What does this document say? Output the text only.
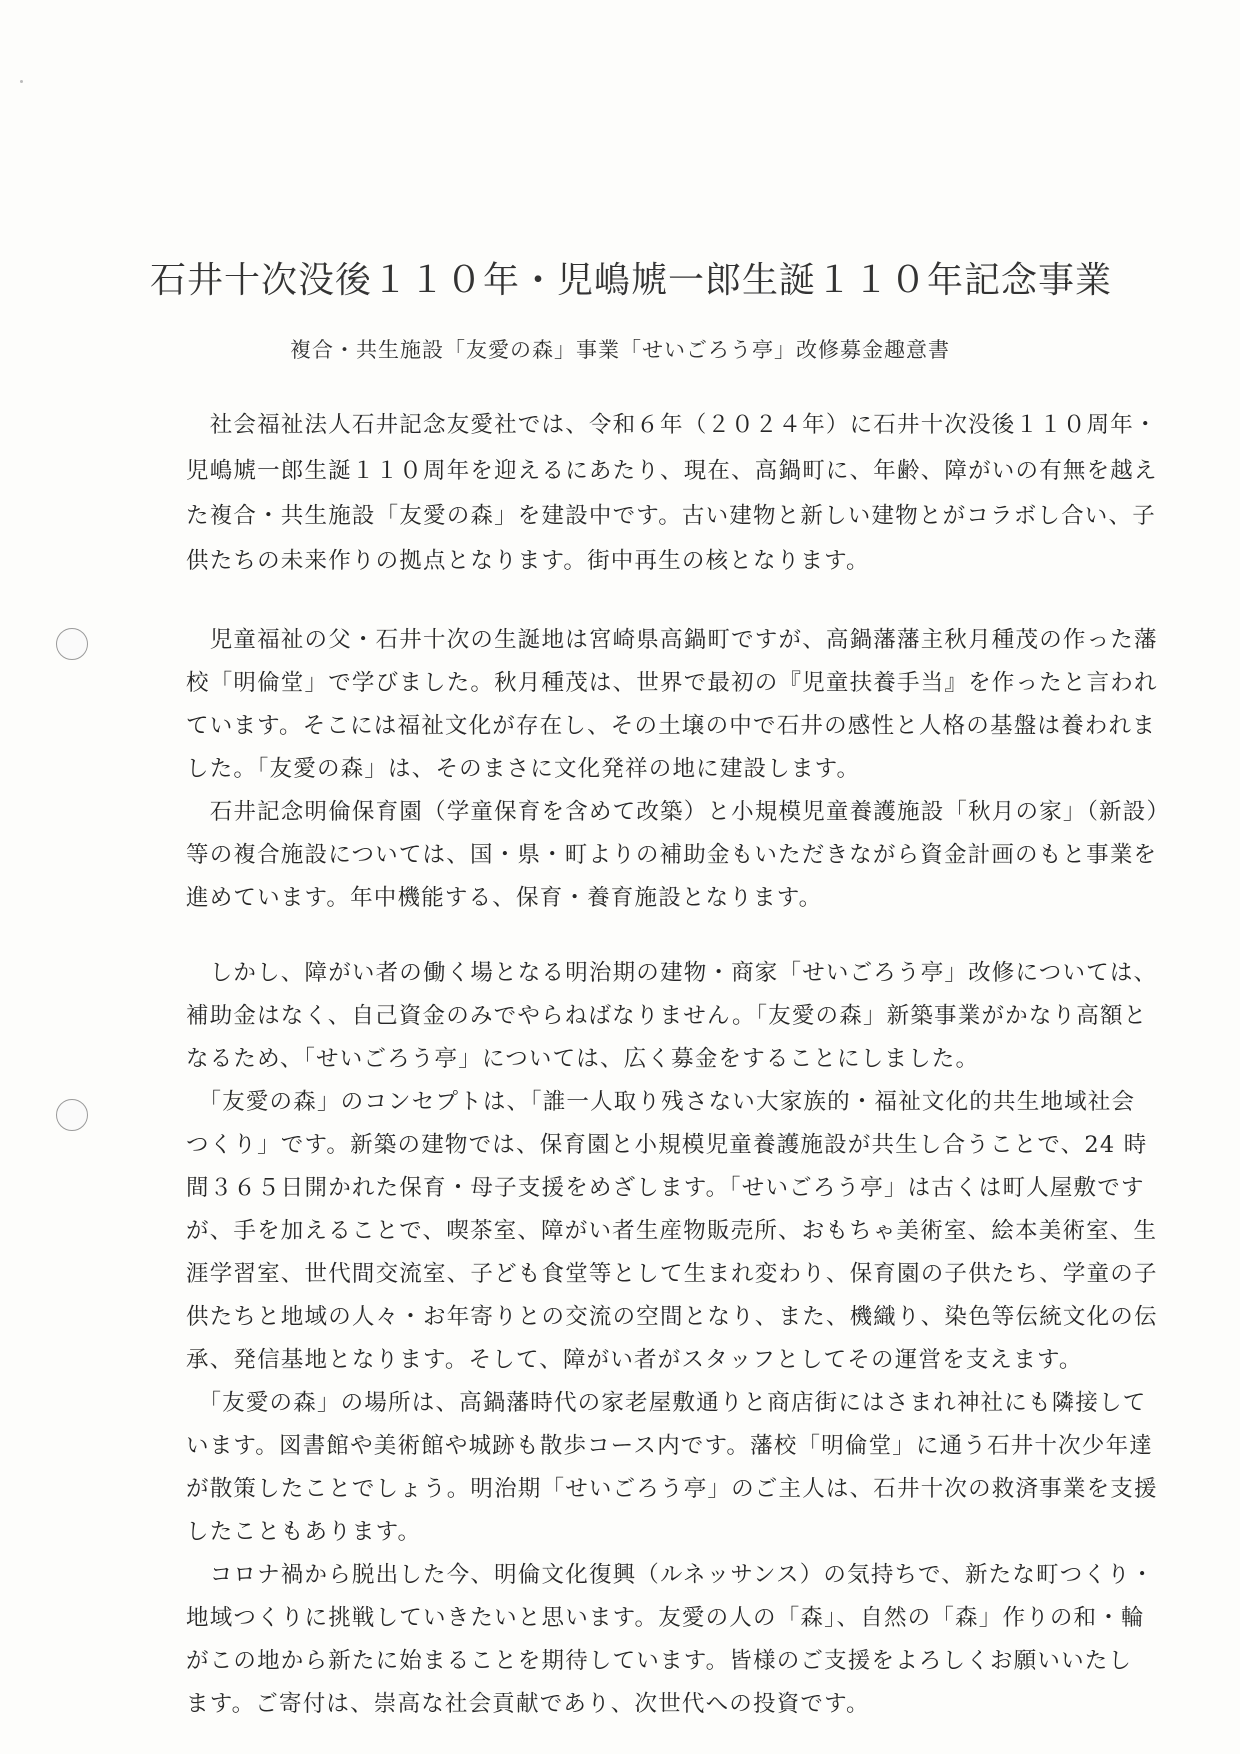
石井十次没後１１０年・児嶋虓一郎生誕１１０年記念事業
複合・共生施設「友愛の森」事業「せいごろう亭」改修募金趣意書
　社会福祉法人石井記念友愛社では、令和６年（２０２４年）に石井十次没後１１０周年・
児嶋虓一郎生誕１１０周年を迎えるにあたり、現在、高鍋町に、年齢、障がいの有無を越え
た複合・共生施設「友愛の森」を建設中です。古い建物と新しい建物とがコラボし合い、子
供たちの未来作りの拠点となります。街中再生の核となります。
　児童福祉の父・石井十次の生誕地は宮崎県高鍋町ですが、高鍋藩藩主秋月種茂の作った藩
校「明倫堂」で学びました。秋月種茂は、世界で最初の『児童扶養手当』を作ったと言われ
ています。そこには福祉文化が存在し、その土壌の中で石井の感性と人格の基盤は養われま
した。「友愛の森」は、そのまさに文化発祥の地に建設します。
　石井記念明倫保育園（学童保育を含めて改築）と小規模児童養護施設「秋月の家」（新設）
等の複合施設については、国・県・町よりの補助金もいただきながら資金計画のもと事業を
進めています。年中機能する、保育・養育施設となります。
　しかし、障がい者の働く場となる明治期の建物・商家「せいごろう亭」改修については、
補助金はなく、自己資金のみでやらねばなりません。「友愛の森」新築事業がかなり高額と
なるため、「せいごろう亭」については、広く募金をすることにしました。
　「友愛の森」のコンセプトは、「誰一人取り残さない大家族的・福祉文化的共生地域社会
つくり」です。新築の建物では、保育園と小規模児童養護施設が共生し合うことで、24 時
間３６５日開かれた保育・母子支援をめざします。「せいごろう亭」は古くは町人屋敷です
が、手を加えることで、喫茶室、障がい者生産物販売所、おもちゃ美術室、絵本美術室、生
涯学習室、世代間交流室、子ども食堂等として生まれ変わり、保育園の子供たち、学童の子
供たちと地域の人々・お年寄りとの交流の空間となり、また、機織り、染色等伝統文化の伝
承、発信基地となります。そして、障がい者がスタッフとしてその運営を支えます。
　「友愛の森」の場所は、高鍋藩時代の家老屋敷通りと商店街にはさまれ神社にも隣接して
います。図書館や美術館や城跡も散歩コース内です。藩校「明倫堂」に通う石井十次少年達
が散策したことでしょう。明治期「せいごろう亭」のご主人は、石井十次の救済事業を支援
したこともあります。
　コロナ禍から脱出した今、明倫文化復興（ルネッサンス）の気持ちで、新たな町つくり・
地域つくりに挑戦していきたいと思います。友愛の人の「森」、自然の「森」作りの和・輪
がこの地から新たに始まることを期待しています。皆様のご支援をよろしくお願いいたし
ます。ご寄付は、崇高な社会貢献であり、次世代への投資です。
